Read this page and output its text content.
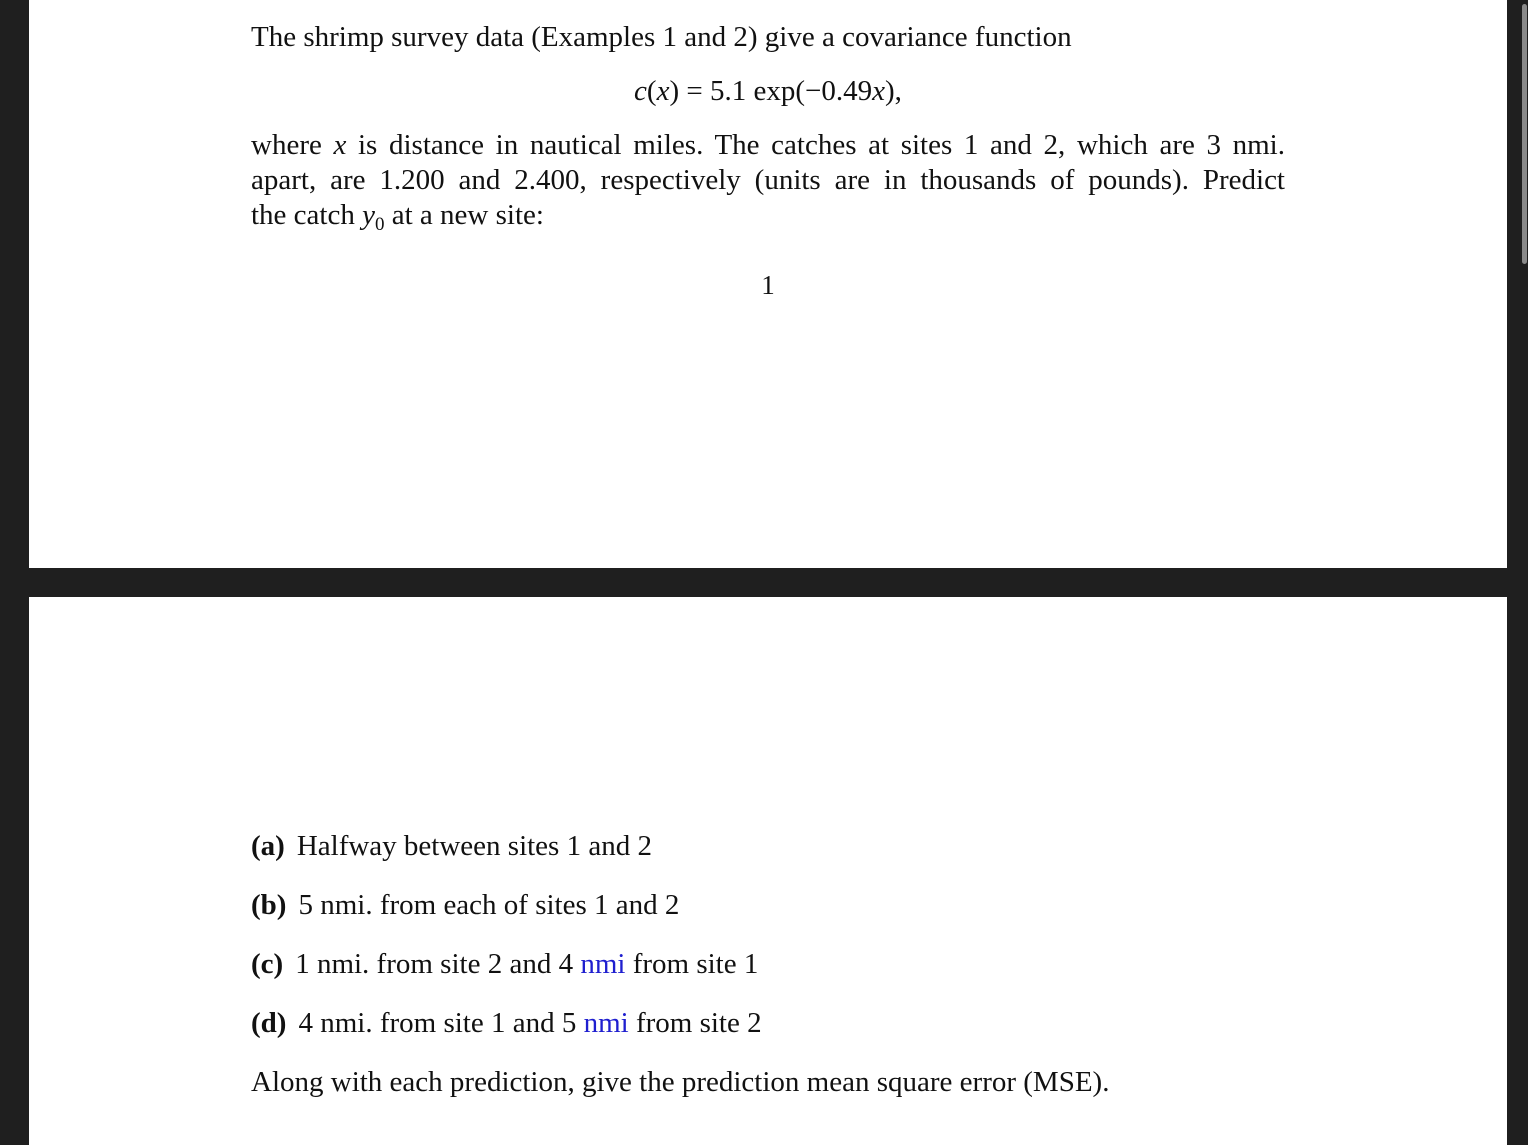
The shrimp survey data (Examples 1 and 2) give a covariance function
c(x) = 5.1 exp(−0.49x),
where x is distance in nautical miles. The catches at sites 1 and 2, which are 3 nmi.
apart, are 1.200 and 2.400, respectively (units are in thousands of pounds). Predict
the catch $y_0$ at a new site:
1
(a) Halfway between sites 1 and 2
(b) 5 nmi. from each of sites 1 and 2
(c) 1 nmi. from site 2 and 4 nmi from site 1
(d) 4 nmi. from site 1 and 5 nmi from site 2
Along with each prediction, give the prediction mean square error (MSE).
